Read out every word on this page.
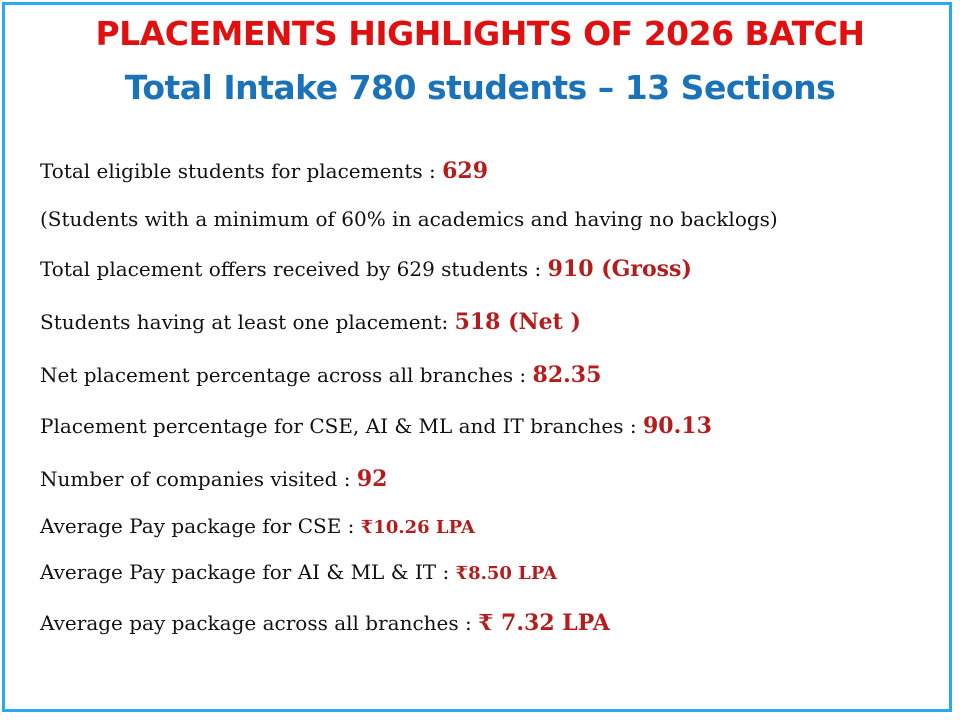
PLACEMENTS HIGHLIGHTS OF 2026 BATCH
Total Intake 780 students – 13 Sections
Total eligible students for placements : 629
(Students with a minimum of 60% in academics and having no backlogs)
Total placement offers received by 629 students : 910 (Gross)
Students having at least one placement: 518 (Net )
Net placement percentage across all branches : 82.35
Placement percentage for CSE, AI & ML and IT branches : 90.13
Number of companies visited : 92
Average Pay package for CSE : ₹10.26 LPA
Average Pay package for AI & ML & IT : ₹8.50 LPA
Average pay package across all branches : ₹ 7.32 LPA
